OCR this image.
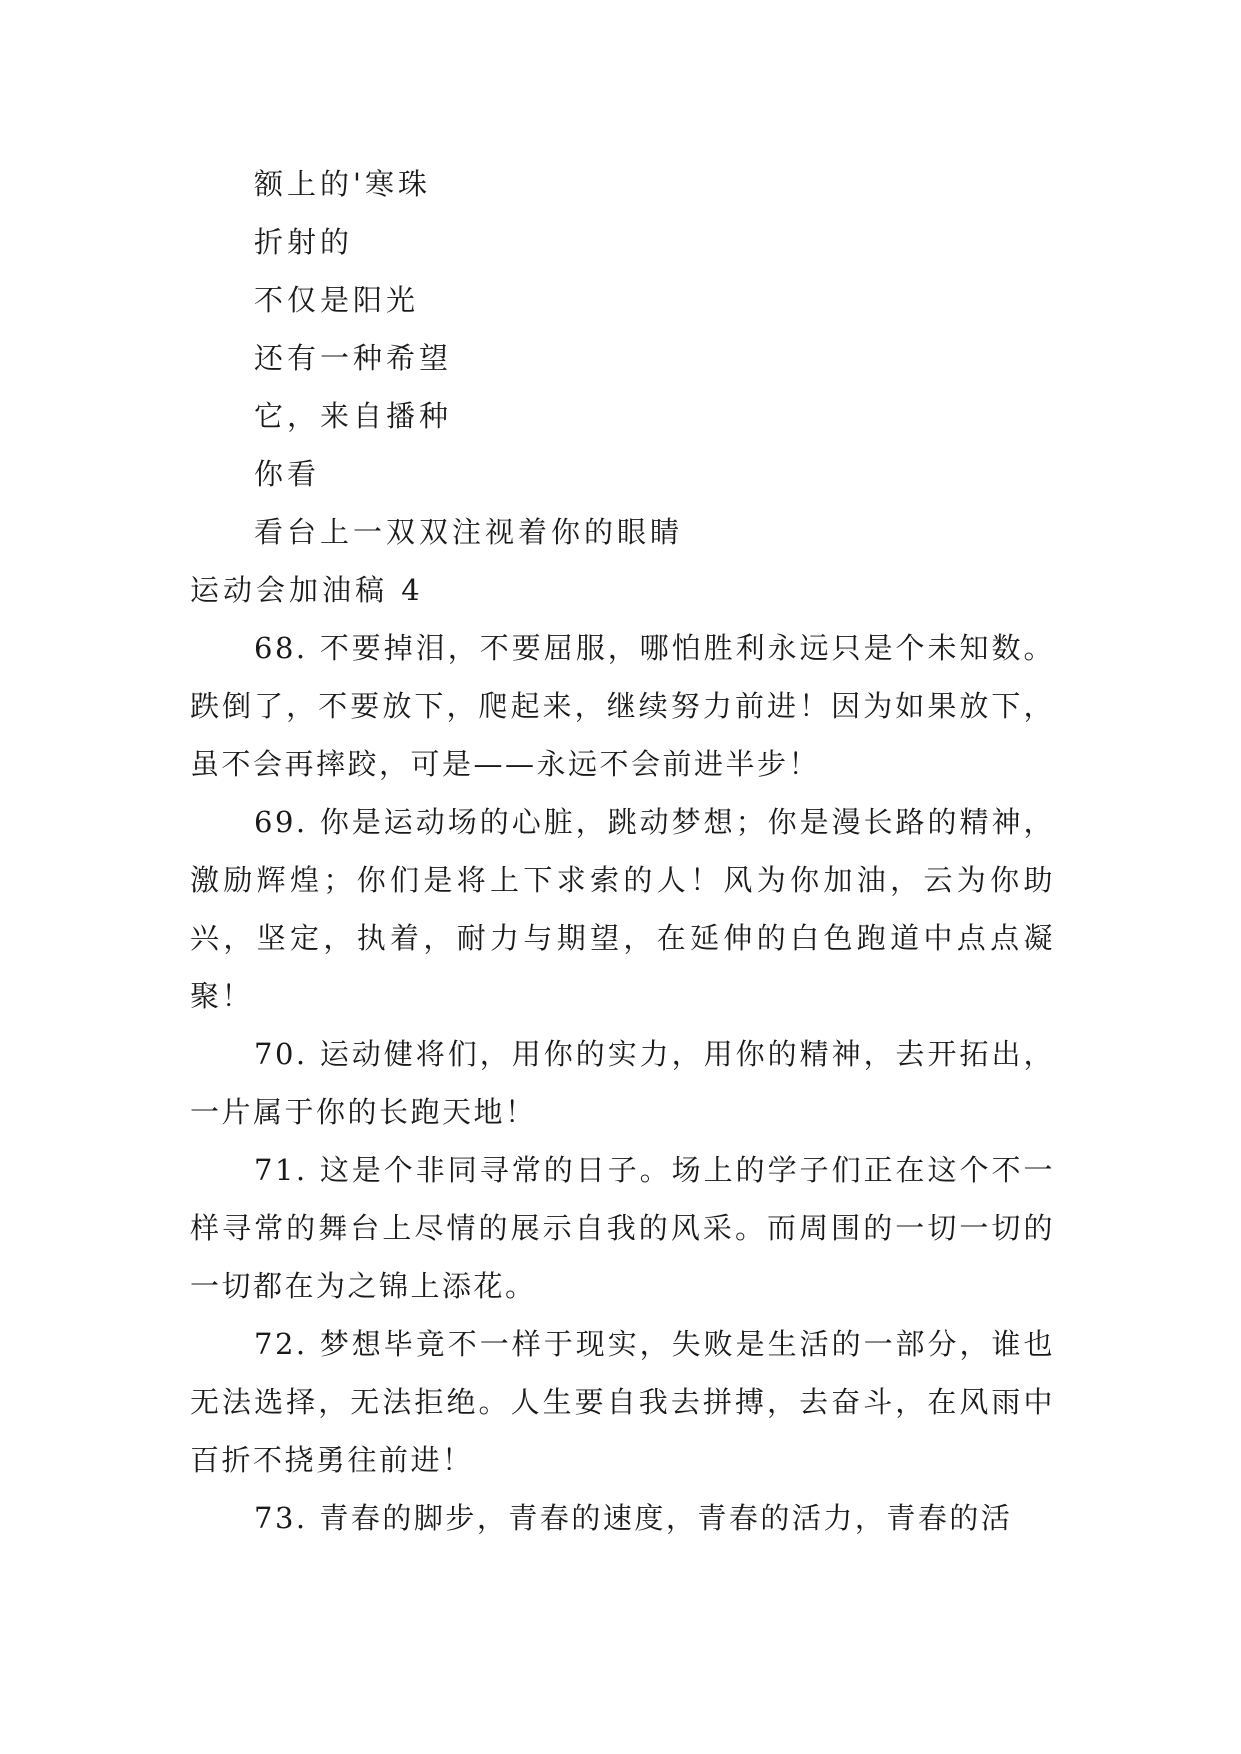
额上的'寒珠
折射的
不仅是阳光
还有一种希望
它，来自播种
你看
看台上一双双注视着你的眼睛
运动会加油稿 4

68. 不要掉泪，不要屈服，哪怕胜利永远只是个未知数。跌倒了，不要放下，爬起来，继续努力前进！因为如果放下，虽不会再摔跤，可是——永远不会前进半步！

69. 你是运动场的心脏，跳动梦想；你是漫长路的精神，激励辉煌；你们是将上下求索的人！风为你加油，云为你助兴，坚定，执着，耐力与期望，在延伸的白色跑道中点点凝聚！

70. 运动健将们，用你的实力，用你的精神，去开拓出，一片属于你的长跑天地！

71. 这是个非同寻常的日子。场上的学子们正在这个不一样寻常的舞台上尽情的展示自我的风采。而周围的一切一切的一切都在为之锦上添花。

72. 梦想毕竟不一样于现实，失败是生活的一部分，谁也无法选择，无法拒绝。人生要自我去拼搏，去奋斗，在风雨中百折不挠勇往前进！

73. 青春的脚步，青春的速度，青春的活力，青春的活
